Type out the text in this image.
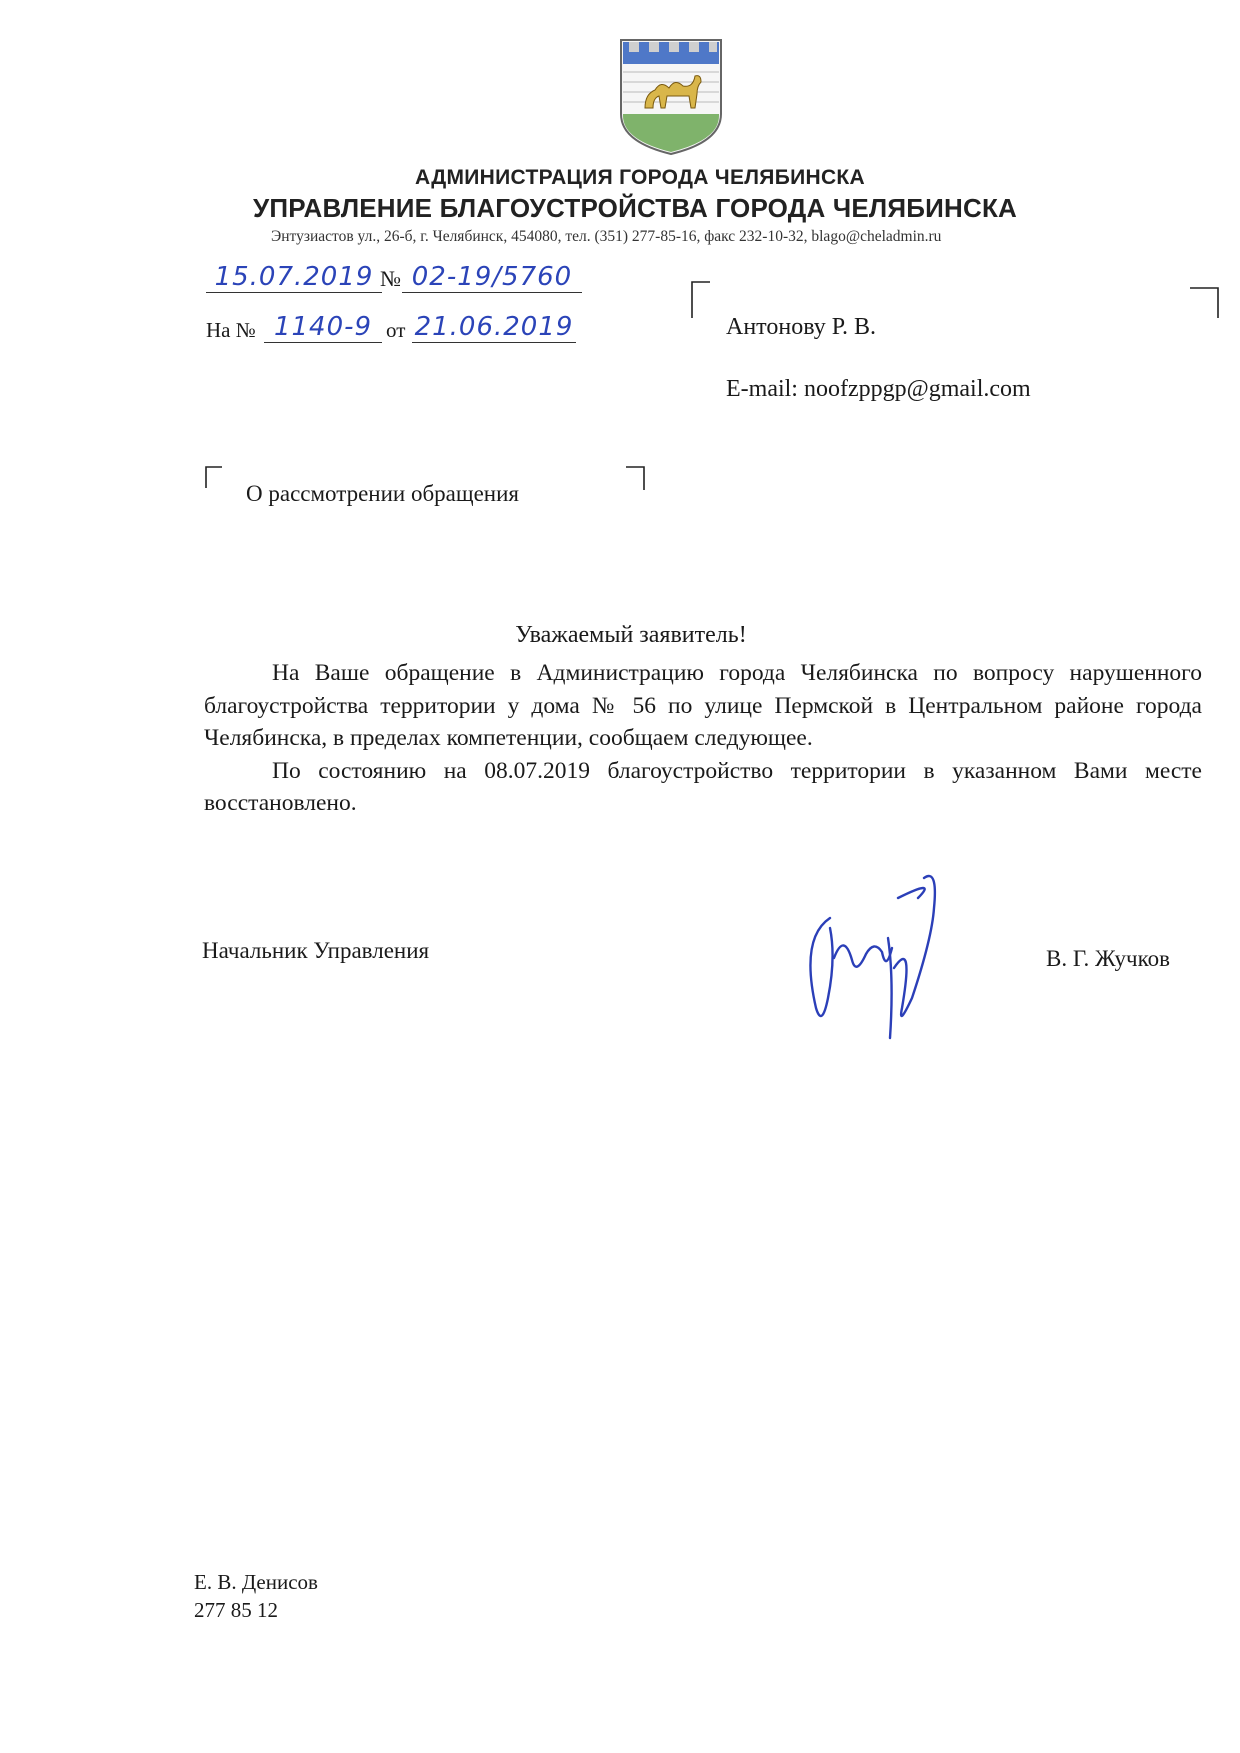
АДМИНИСТРАЦИЯ ГОРОДА ЧЕЛЯБИНСКА
УПРАВЛЕНИЕ БЛАГОУСТРОЙСТВА ГОРОДА ЧЕЛЯБИНСКА
Энтузиастов ул., 26-б, г. Челябинск, 454080, тел. (351) 277-85-16, факс 232-10-32, blago@cheladmin.ru
15.07.2019 № 02-19/5760
На № 1140-9 от 21.06.2019	Антонову Р. В.
E-mail: noofzppgp@gmail.com
О рассмотрении обращения
Уважаемый заявитель!

На Ваше обращение в Администрацию города Челябинска по вопросу нарушенного благоустройства территории у дома № 56 по улице Пермской в Центральном районе города Челябинска, в пределах компетенции, сообщаем следующее.

По состоянию на 08.07.2019 благоустройство территории в указанном Вами месте восстановлено.

Начальник Управления	В. Г. Жучков
Е. В. Денисов
277 85 12
